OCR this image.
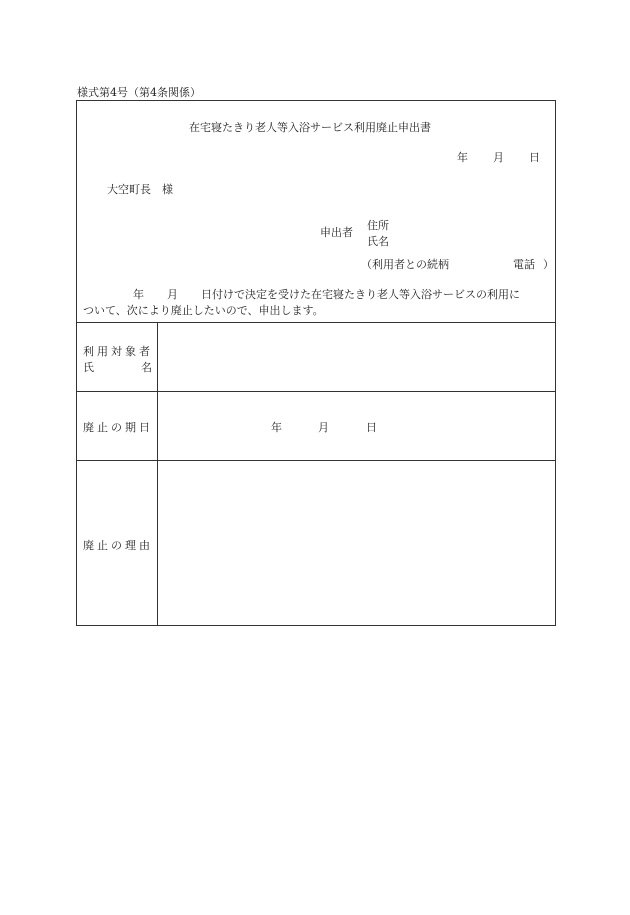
様式第4号（第4条関係）
在宅寝たきり老人等入浴サービス利用廃止申出書
年 月 日
大空町長　様
申出者
住所
氏名
（利用者との続柄	電話 ）
年 月 日付けで決定を受けた在宅寝たきり老人等入浴サービスの利用に
ついて、次により廃止したいので、申出します。
利用対象者
氏	名
廃止の期日	年	月	日
廃止の理由
